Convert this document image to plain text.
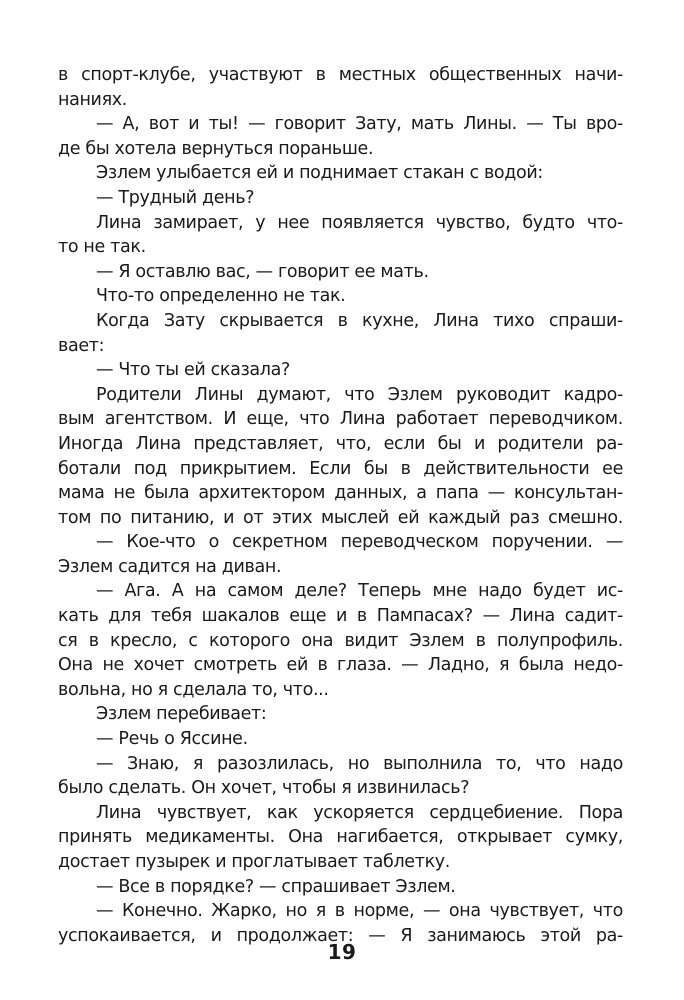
в спорт-клубе, участвуют в местных общественных начи-
наниях.
— А, вот и ты! — говорит Зату, мать Лины. — Ты вро-
де бы хотела вернуться пораньше.
Эзлем улыбается ей и поднимает стакан с водой:
— Трудный день?
Лина замирает, у нее появляется чувство, будто что-
то не так.
— Я оставлю вас, — говорит ее мать.
Что-то определенно не так.
Когда Зату скрывается в кухне, Лина тихо спраши-
вает:
— Что ты ей сказала?
Родители Лины думают, что Эзлем руководит кадро-
вым агентством. И еще, что Лина работает переводчиком.
Иногда Лина представляет, что, если бы и родители ра-
ботали под прикрытием. Если бы в действительности ее
мама не была архитектором данных, а папа — консультан-
том по питанию, и от этих мыслей ей каждый раз смешно.
— Кое-что о секретном переводческом поручении. —
Эзлем садится на диван.
— Ага. А на самом деле? Теперь мне надо будет ис-
кать для тебя шакалов еще и в Пампасах? — Лина садит-
ся в кресло, с которого она видит Эзлем в полупрофиль.
Она не хочет смотреть ей в глаза. — Ладно, я была недо-
вольна, но я сделала то, что...
Эзлем перебивает:
— Речь о Яссине.
— Знаю, я разозлилась, но выполнила то, что надо
было сделать. Он хочет, чтобы я извинилась?
Лина чувствует, как ускоряется сердцебиение. Пора
принять медикаменты. Она нагибается, открывает сумку,
достает пузырек и проглатывает таблетку.
— Все в порядке? — спрашивает Эзлем.
— Конечно. Жарко, но я в норме, — она чувствует, что
успокаивается, и продолжает: — Я занимаюсь этой ра-
19
